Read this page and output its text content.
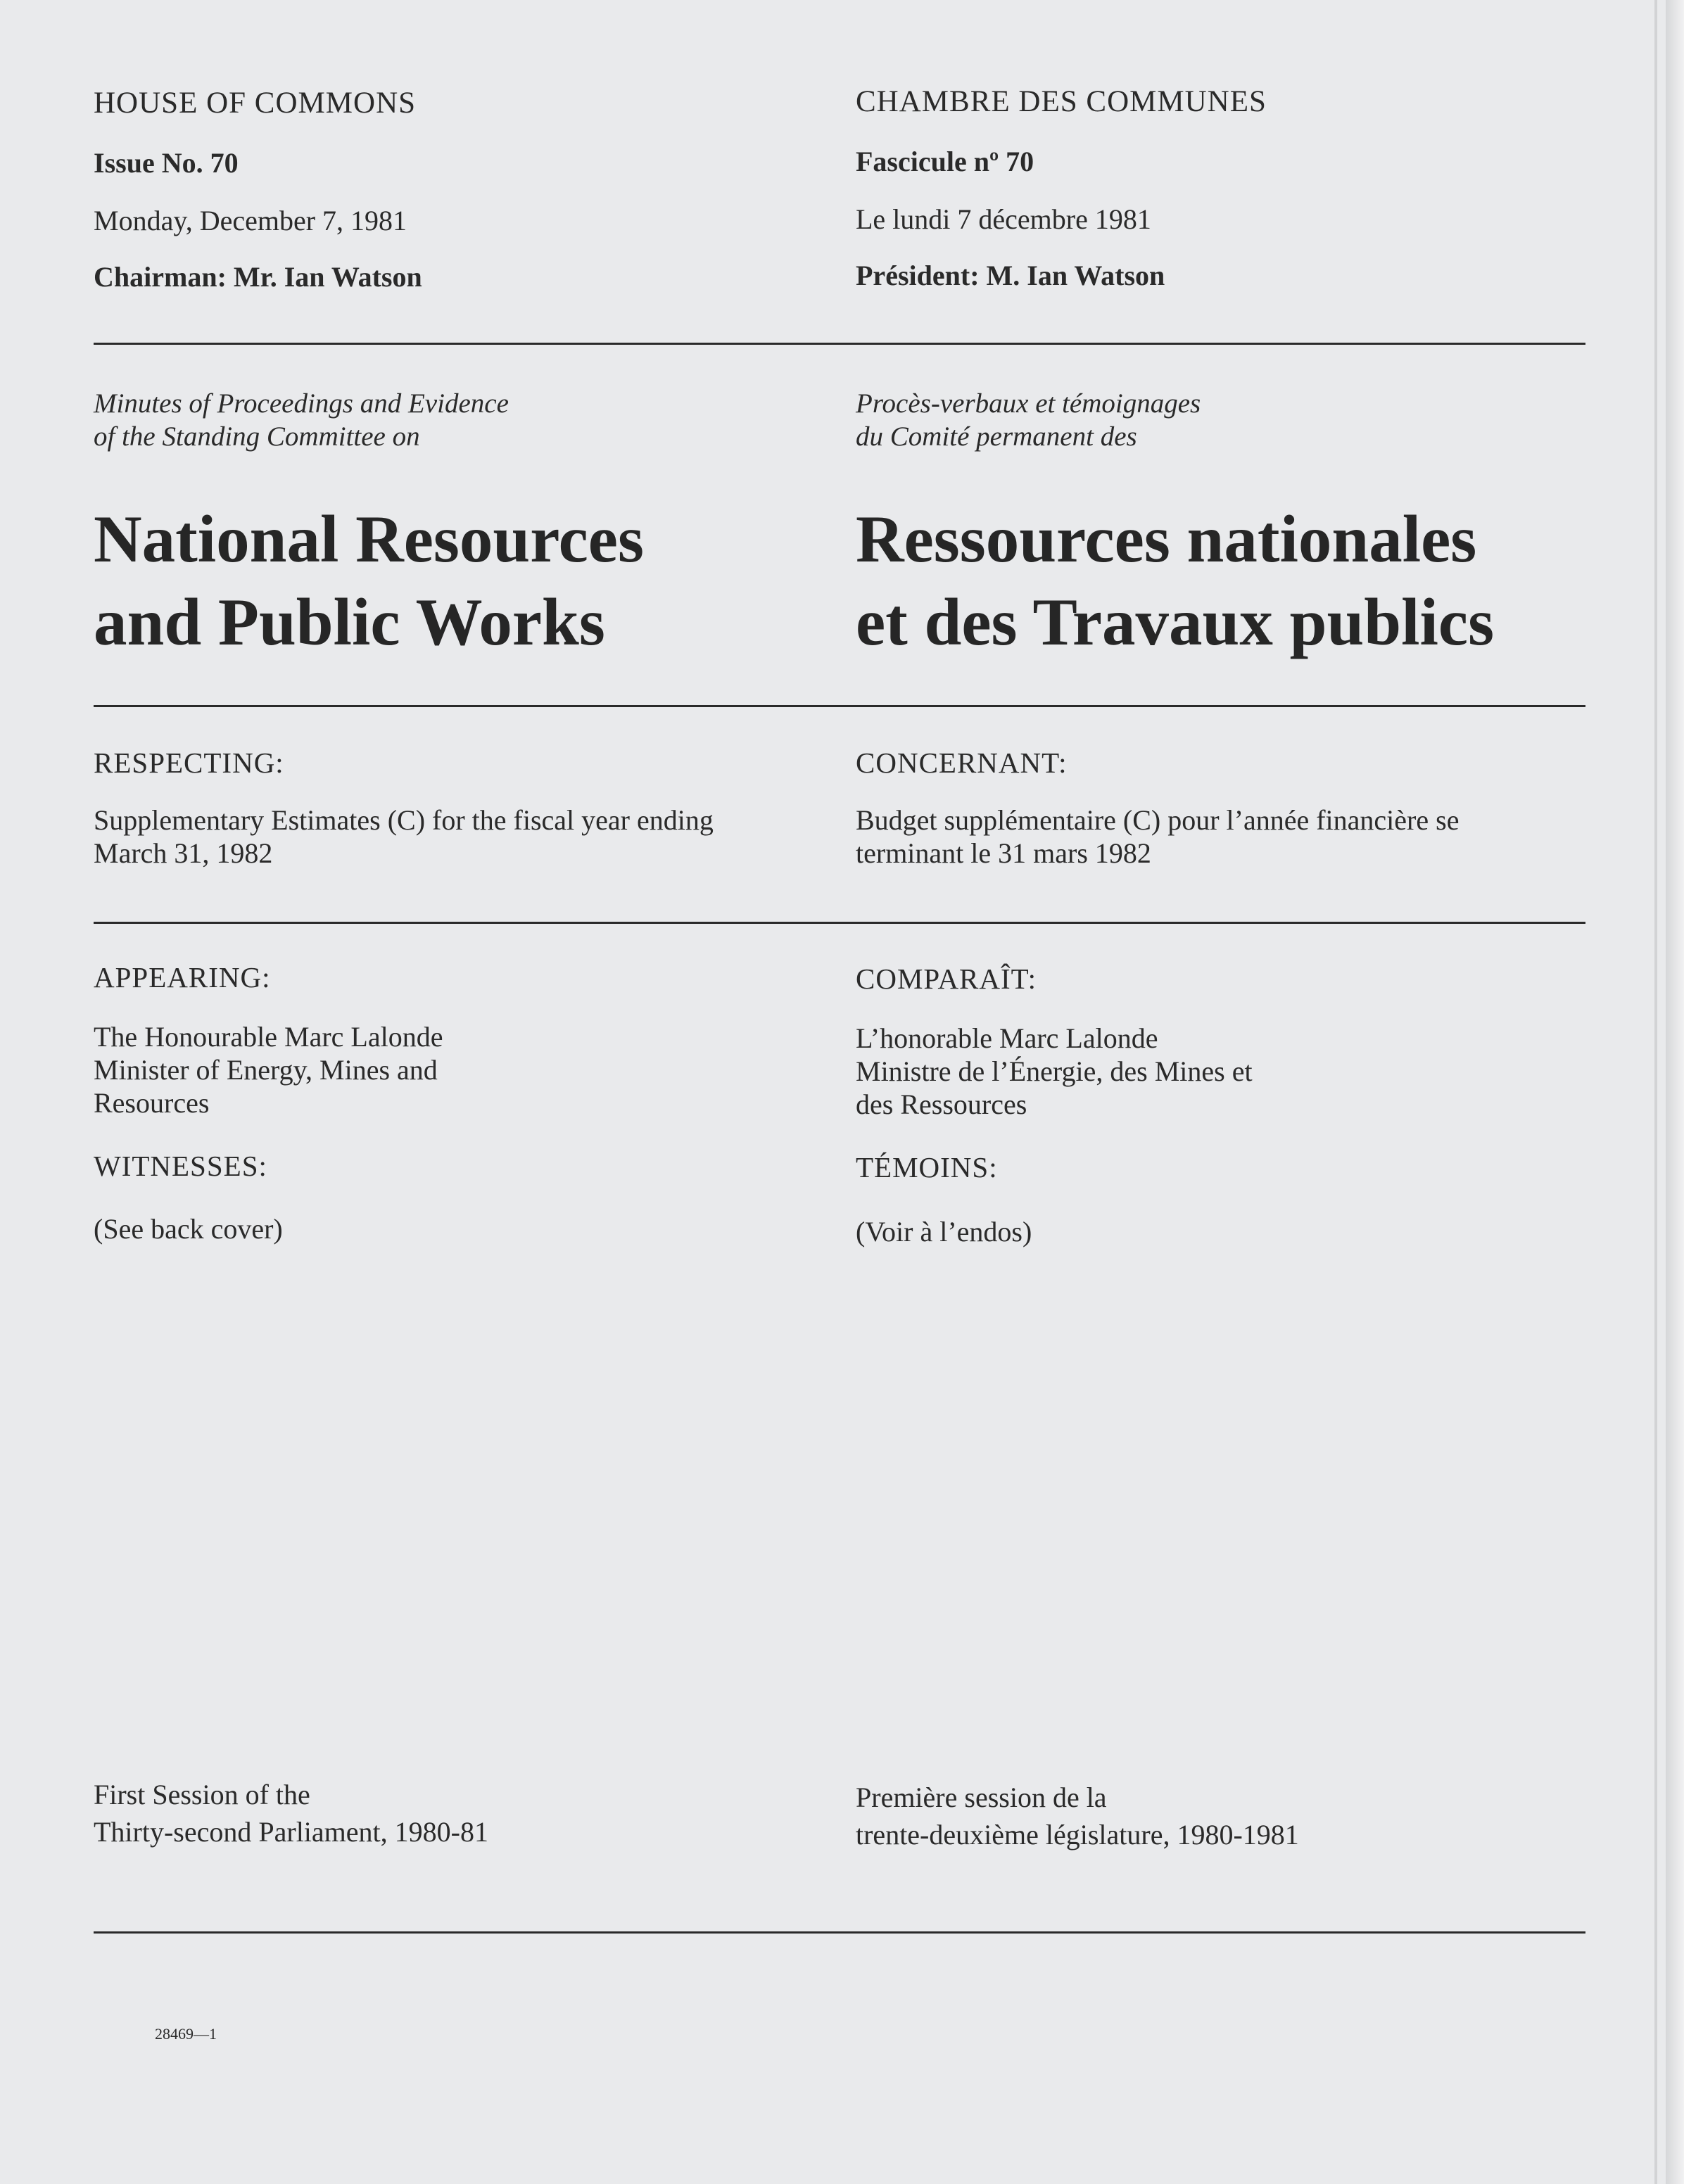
HOUSE OF COMMONS
Issue No. 70
Monday, December 7, 1981
Chairman: Mr. Ian Watson
CHAMBRE DES COMMUNES
Fascicule nº 70
Le lundi 7 décembre 1981
Président: M. Ian Watson
Minutes of Proceedings and Evidence
of the Standing Committee on
National Resources
and Public Works
Procès-verbaux et témoignages
du Comité permanent des
Ressources nationales
et des Travaux publics
RESPECTING:
Supplementary Estimates (C) for the fiscal year ending
March 31, 1982
CONCERNANT:
Budget supplémentaire (C) pour l’année financière se
terminant le 31 mars 1982
APPEARING:
The Honourable Marc Lalonde
Minister of Energy, Mines and
Resources
COMPARAÎT:
L’honorable Marc Lalonde
Ministre de l’Énergie, des Mines et
des Ressources
WITNESSES:
(See back cover)
TÉMOINS:
(Voir à l’endos)
First Session of the
Thirty-second Parliament, 1980-81
Première session de la
trente-deuxième législature, 1980-1981
28469—1
